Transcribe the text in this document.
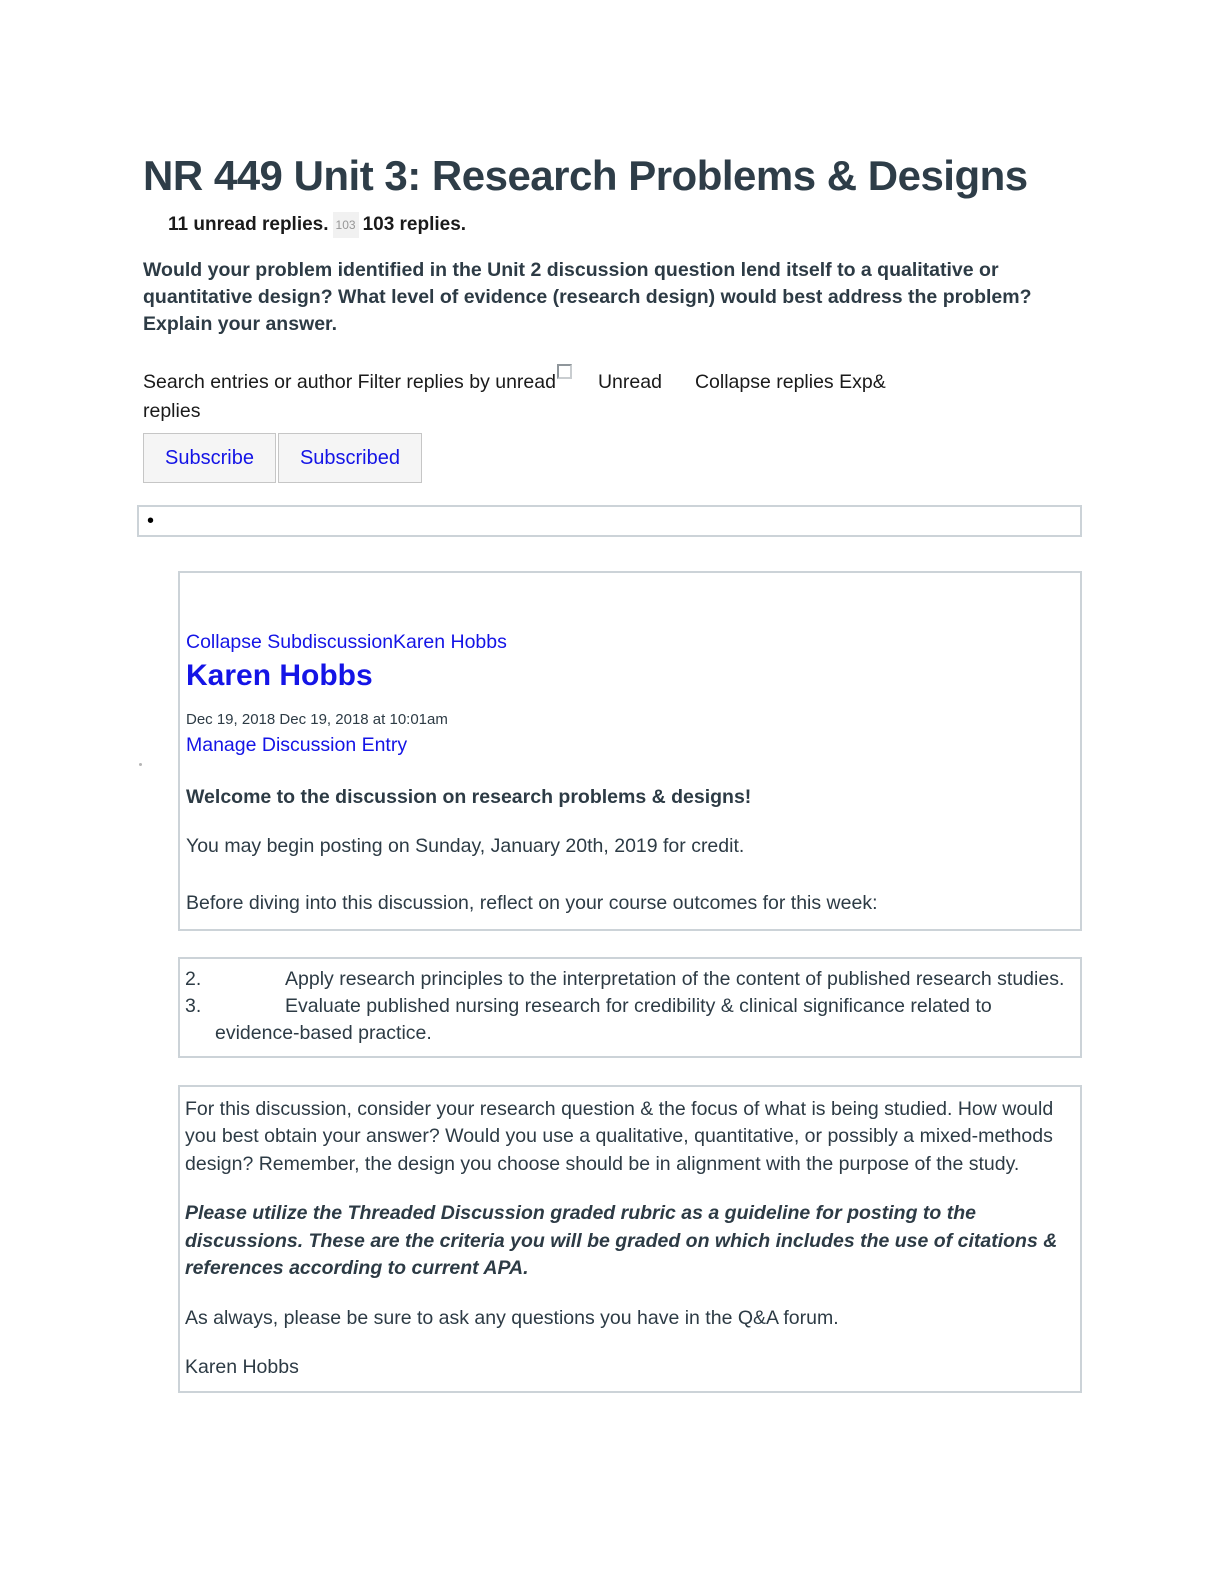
NR 449 Unit 3: Research Problems & Designs
11 unread replies. 103 103 replies.
Would your problem identified in the Unit 2 discussion question lend itself to a qualitative or quantitative design? What level of evidence (research design) would best address the problem? Explain your answer.
Search entries or author Filter replies by unread Unread Collapse replies Exp&
replies
Subscribe	Subscribed
•
Collapse SubdiscussionKaren Hobbs
Karen Hobbs
Dec 19, 2018 Dec 19, 2018 at 10:01am
Manage Discussion Entry
Welcome to the discussion on research problems & designs!
You may begin posting on Sunday, January 20th, 2019 for credit.
Before diving into this discussion, reflect on your course outcomes for this week:
2.	Apply research principles to the interpretation of the content of published research studies.
3.	Evaluate published nursing research for credibility & clinical significance related to evidence-based practice.

For this discussion, consider your research question & the focus of what is being studied. How would you best obtain your answer? Would you use a qualitative, quantitative, or possibly a mixed-methods design? Remember, the design you choose should be in alignment with the purpose of the study.

Please utilize the Threaded Discussion graded rubric as a guideline for posting to the discussions. These are the criteria you will be graded on which includes the use of citations & references according to current APA.

As always, please be sure to ask any questions you have in the Q&A forum.

Karen Hobbs
